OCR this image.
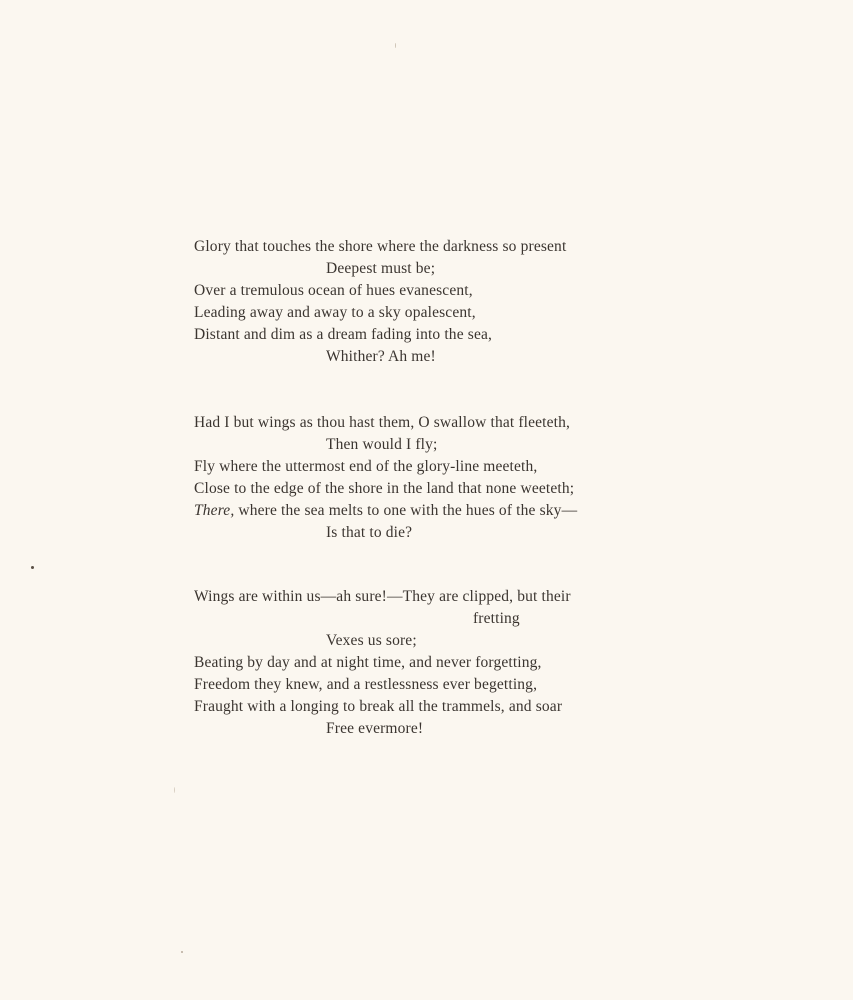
Glory that touches the shore where the darkness so present
Deepest must be;
Over a tremulous ocean of hues evanescent,
Leading away and away to a sky opalescent,
Distant and dim as a dream fading into the sea,
Whither? Ah me!
Had I but wings as thou hast them, O swallow that fleeteth,
Then would I fly;
Fly where the uttermost end of the glory-line meeteth,
Close to the edge of the shore in the land that none weeteth;
There, where the sea melts to one with the hues of the sky—
Is that to die?
Wings are within us—ah sure!—They are clipped, but their
fretting
Vexes us sore;
Beating by day and at night time, and never forgetting,
Freedom they knew, and a restlessness ever begetting,
Fraught with a longing to break all the trammels, and soar
Free evermore!
